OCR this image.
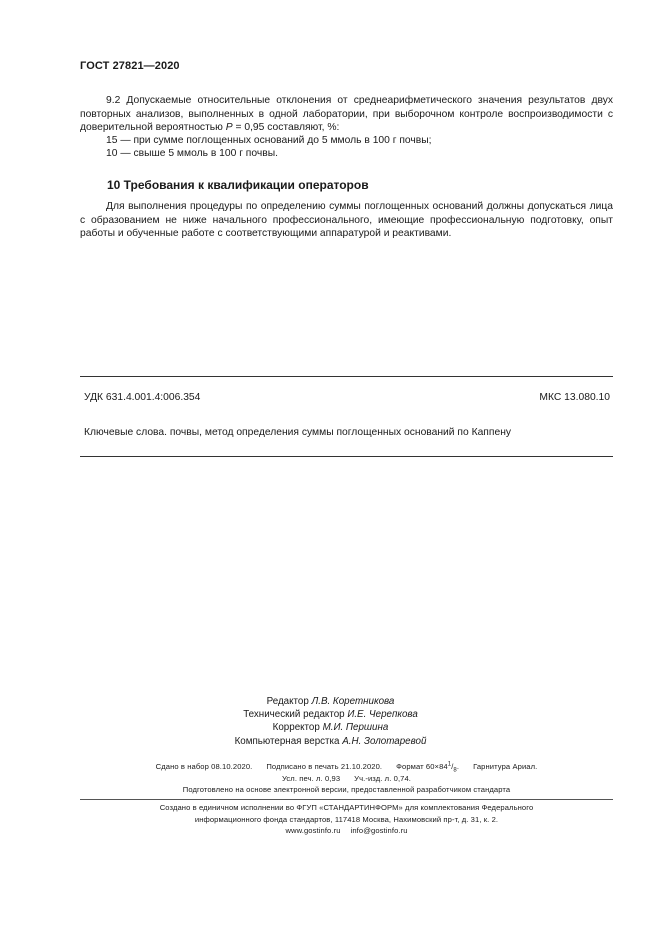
ГОСТ 27821—2020
9.2 Допускаемые относительные отклонения от среднеарифметического значения результатов двух повторных анализов, выполненных в одной лаборатории, при выборочном контроле воспроизводимости с доверительной вероятностью P = 0,95 составляют, %:
15 — при сумме поглощенных оснований до 5 ммоль в 100 г почвы;
10 — свыше 5 ммоль в 100 г почвы.
10 Требования к квалификации операторов
Для выполнения процедуры по определению суммы поглощенных оснований должны допускаться лица с образованием не ниже начального профессионального, имеющие профессиональную подготовку, опыт работы и обученные работе с соответствующими аппаратурой и реактивами.
УДК 631.4.001.4:006.354	МКС 13.080.10
Ключевые слова. почвы, метод определения суммы поглощенных оснований по Каппену
Редактор Л.В. Коретникова
Технический редактор И.Е. Черепкова
Корректор М.И. Першина
Компьютерная верстка А.Н. Золотаревой
Сдано в набор 08.10.2020. Подписано в печать 21.10.2020. Формат $60\times 84^1/_8$. Гарнитура Ариал.
Усл. печ. л. 0,93 Уч.-изд. л. 0,74.
Подготовлено на основе электронной версии, предоставленной разработчиком стандарта
Создано в единичном исполнении во ФГУП «СТАНДАРТИНФОРМ» для комплектования Федерального
информационного фонда стандартов, 117418 Москва, Нахимовский пр-т, д. 31, к. 2.
www.gostinfo.ru info@gostinfo.ru
